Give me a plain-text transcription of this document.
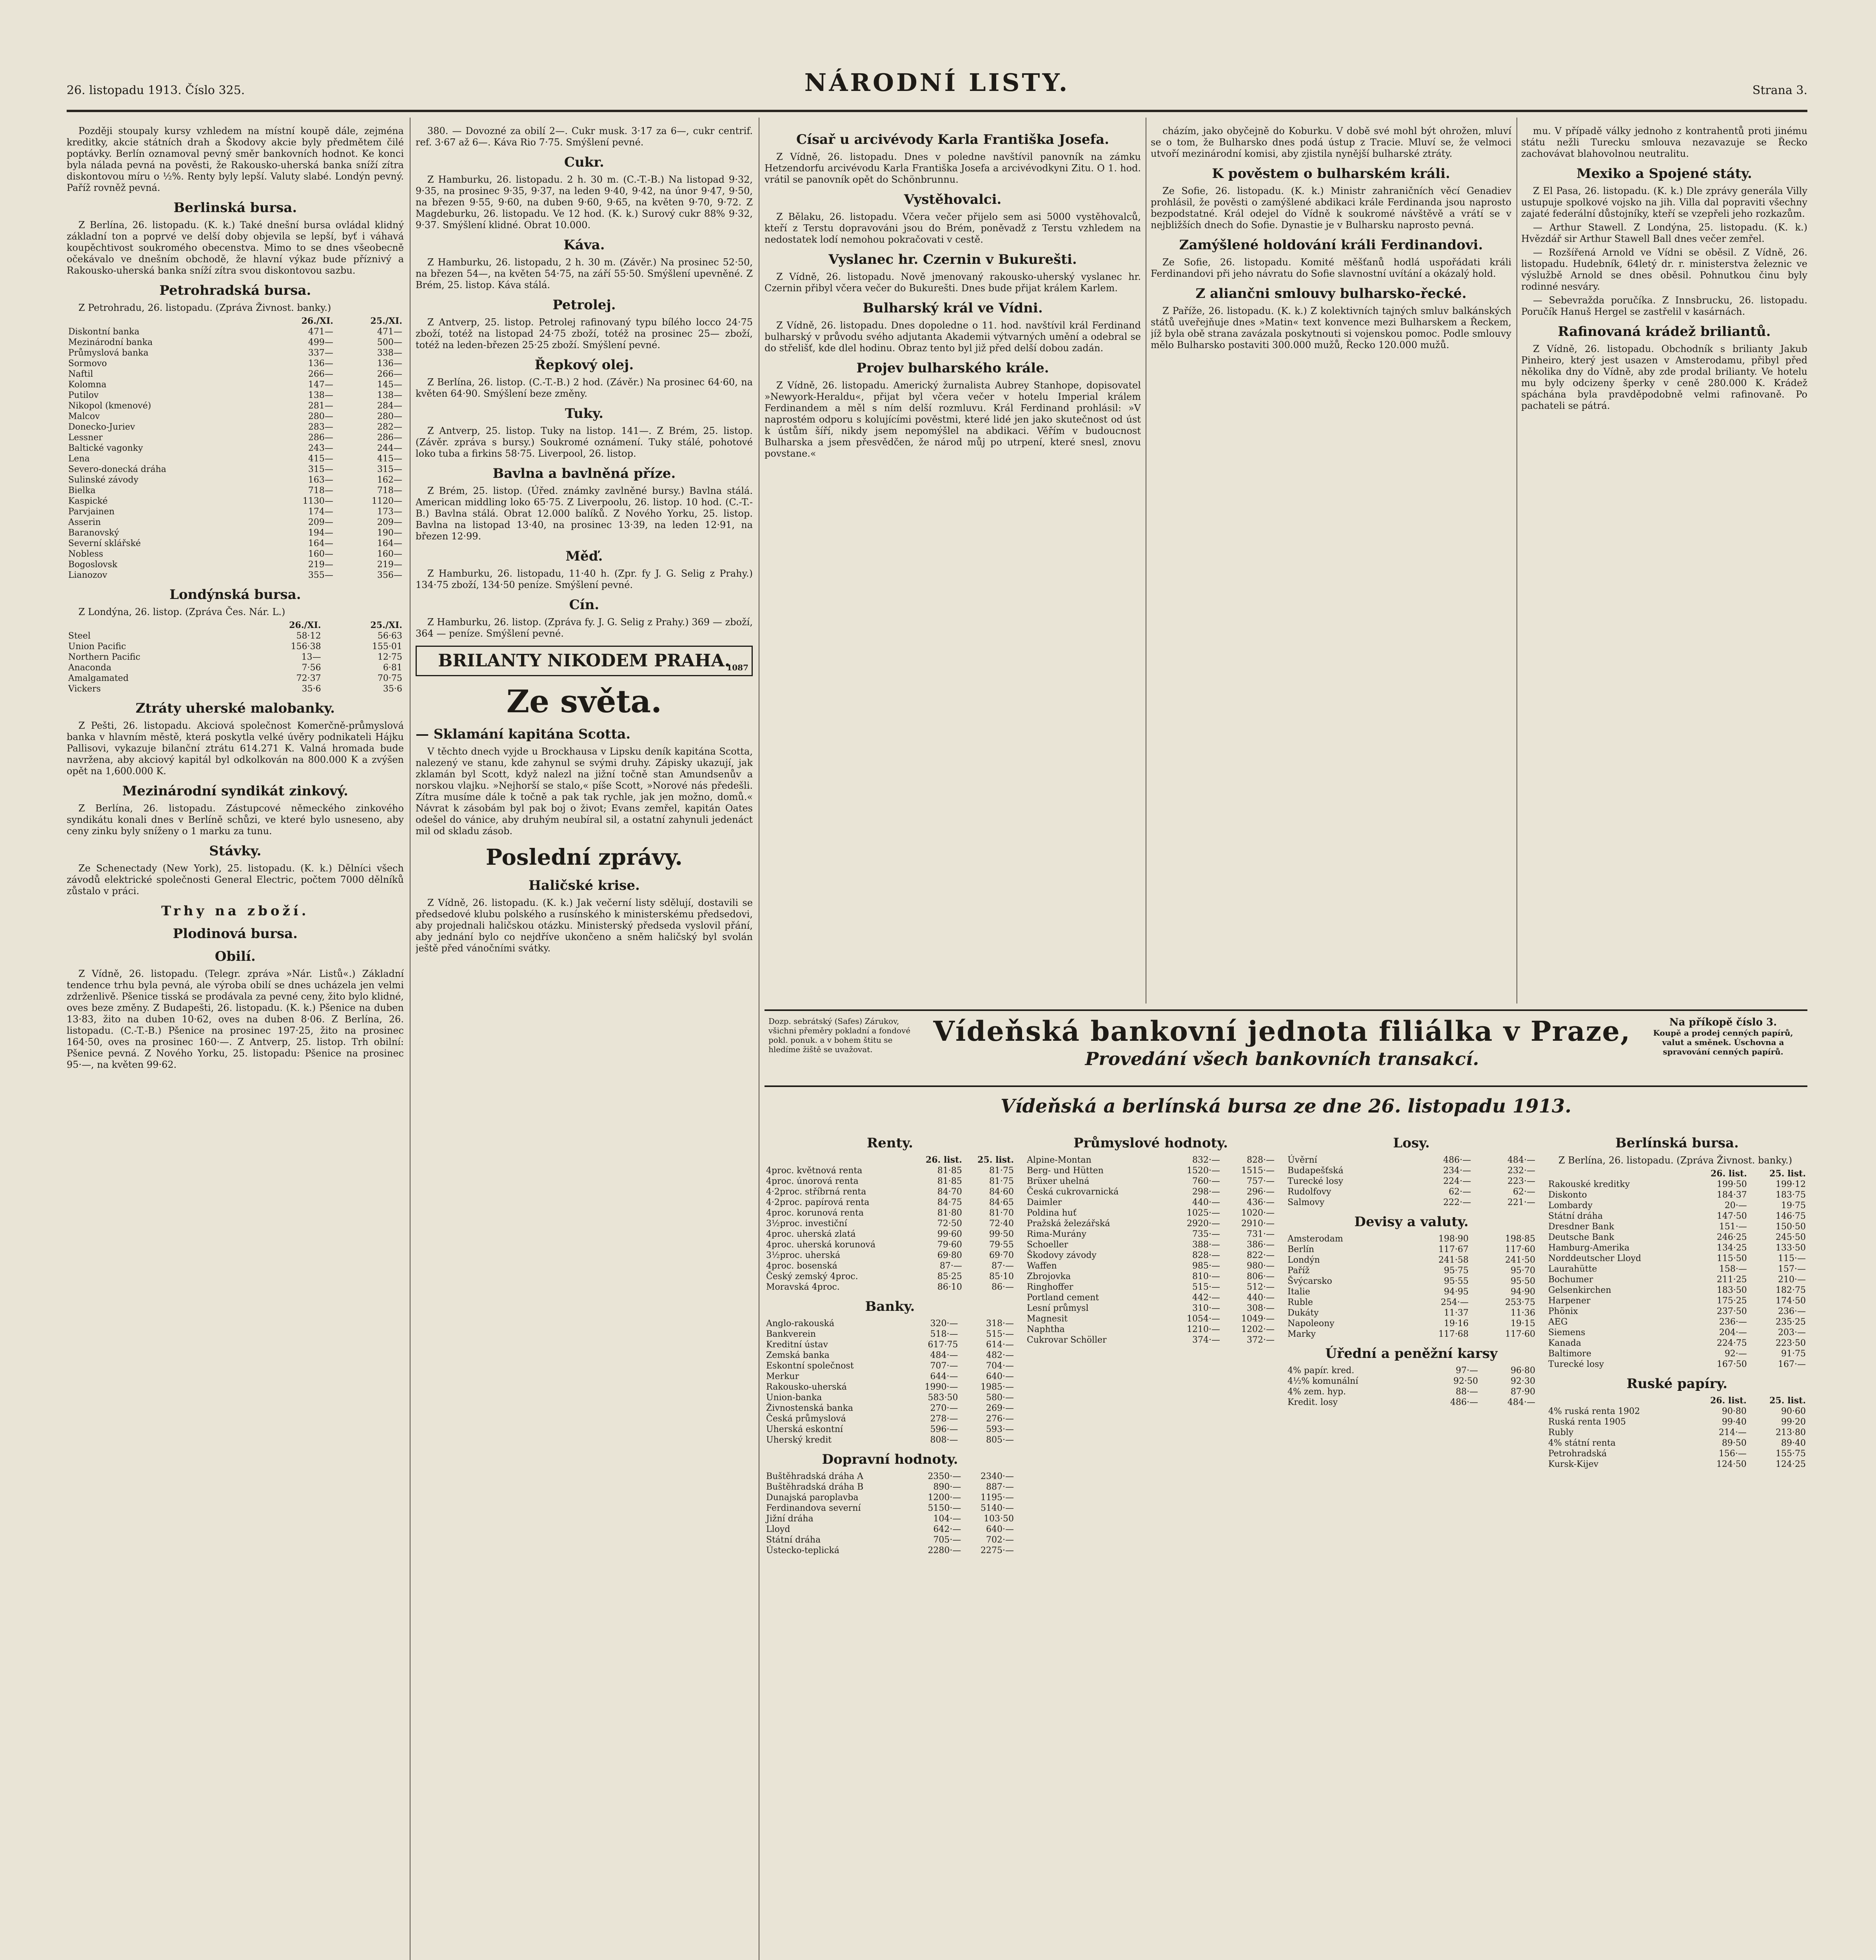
26. listopadu 1913. Číslo 325.	NÁRODNÍ LISTY.	Strana 3.
Později stoupaly kursy vzhledem na místní koupě dále, zejména kreditky, akcie státních drah a Škodovy akcie byly předmětem čilé poptávky. Berlín oznamoval pevný směr bankovních hodnot. Ke konci byla nálada pevná na pověsti, že Rakousko-uherská banka sníží zítra diskontovou míru o ½%. Renty byly lepší. Valuty slabé. Londýn pevný. Paříž rovněž pevná.
Berlinská bursa.
Z Berlína, 26. listopadu. (K. k.) Také dnešní bursa ovládal klidný základní ton a poprvé ve delší doby objevila se lepší, byť i váhavá koupěchtivost soukromého obecenstva. Mimo to se dnes všeobecně očekávalo ve dnešním obchodě, že hlavní výkaz bude příznivý a Rakousko-uherská banka sníží zítra svou diskontovou sazbu.
Petrohradská bursa.
Z Petrohradu, 26. listopadu. (Zpráva Živnost. banky.)
	26./XI.	25./XI.
Diskontní banka	471—	471—
Mezinárodní banka	499—	500—
Průmyslová banka	337—	338—
Sormovo	136—	136—
Naftil	266—	266—
Kolomna	147—	145—
Putilov	138—	138—
Nikopol (kmenové)	281—	284—
Malcov	280—	280—
Donecko-Juriev	283—	282—
Lessner	286—	286—
Baltické vagonky	243—	244—
Lena	415—	415—
Severo-donecká dráha	315—	315—
Sulinské závody	163—	162—
Bielka	718—	718—
Kaspické	1130—	1120—
Parvjainen	174—	173—
Asserin	209—	209—
Baranovský	194—	190—
Severní sklářské	164—	164—
Nobless	160—	160—
Bogoslovsk	219—	219—
Lianozov	355—	356—
Londýnská bursa.
Z Londýna, 26. listop. (Zpráva Čes. Nár. L.)
	26./XI.	25./XI.
Steel	58·12	56·63
Union Pacific	156·38	155·01
Northern Pacific	13—	12·75
Anaconda	7·56	6·81
Amalgamated	72·37	70·75
Vickers	35·6	35·6
Ztráty uherské malobanky.
Z Pešti, 26. listopadu. Akciová společnost Komerčně-průmyslová banka v hlavním městě, která poskytla velké úvěry podnikateli Hájku Pallisovi, vykazuje bilanční ztrátu 614.271 K. Valná hromada bude navržena, aby akciový kapitál byl odkolkován na 800.000 K a zvýšen opět na 1,600.000 K.
Mezinárodní syndikát zinkový.
Z Berlína, 26. listopadu. Zástupcové německého zinkového syndikátu konali dnes v Berlíně schůzi, ve které bylo usneseno, aby ceny zinku byly sníženy o 1 marku za tunu.
Stávky.
Ze Schenectady (New York), 25. listopadu. (K. k.) Dělníci všech závodů elektrické společnosti General Electric, počtem 7000 dělníků zůstalo v práci.
Trhy na zboží.
Plodinová bursa.
Obilí.
Z Vídně, 26. listopadu. (Telegr. zpráva »Nár. Listů«.) Základní tendence trhu byla pevná, ale výroba obilí se dnes ucházela jen velmi zdrženlivě. Pšenice tisská se prodávala za pevné ceny, žito bylo klidné, oves beze změny. Z Budapešti, 26. listopadu. (K. k.) Pšenice na duben 13·83, žito na duben 10·62, oves na duben 8·06. Z Berlína, 26. listopadu. (C.-T.-B.) Pšenice na prosinec 197·25, žito na prosinec 164·50, oves na prosinec 160·—. Z Antverp, 25. listop. Trh obilní: Pšenice pevná. Z Nového Yorku, 25. listopadu: Pšenice na prosinec 95·—, na květen 99·62.
380. — Dovozné za obilí 2—. Cukr musk. 3·17 za 6—, cukr centrif. ref. 3·67 až 6—. Káva Rio 7·75. Smýšlení pevné.
Cukr.
Z Hamburku, 26. listopadu. 2 h. 30 m. (C.-T.-B.) Na listopad 9·32, 9·35, na prosinec 9·35, 9·37, na leden 9·40, 9·42, na únor 9·47, 9·50, na březen 9·55, 9·60, na duben 9·60, 9·65, na květen 9·70, 9·72. Z Magdeburku, 26. listopadu. Ve 12 hod. (K. k.) Surový cukr 88% 9·32, 9·37. Smýšlení klidné. Obrat 10.000.
Káva.
Z Hamburku, 26. listopadu, 2 h. 30 m. (Závěr.) Na prosinec 52·50, na březen 54—, na květen 54·75, na září 55·50. Smýšlení upevněné. Z Brém, 25. listop. Káva stálá.
Petrolej.
Z Antverp, 25. listop. Petrolej rafinovaný typu bílého locco 24·75 zboží, totéž na listopad 24·75 zboží, totéž na prosinec 25— zboží, totéž na leden-březen 25·25 zboží. Smýšlení pevné.
Řepkový olej.
Z Berlína, 26. listop. (C.-T.-B.) 2 hod. (Závěr.) Na prosinec 64·60, na květen 64·90. Smýšlení beze změny.
Tuky.
Z Antverp, 25. listop. Tuky na listop. 141—. Z Brém, 25. listop. (Závěr. zpráva s bursy.) Soukromé oznámení. Tuky stálé, pohotové loko tuba a firkins 58·75. Liverpool, 26. listop.
Bavlna a bavlněná příze.
Z Brém, 25. listop. (Úřed. známky zavlněné bursy.) Bavlna stálá. American middling loko 65·75. Z Liverpoolu, 26. listop. 10 hod. (C.-T.-B.) Bavlna stálá. Obrat 12.000 balíků. Z Nového Yorku, 25. listop. Bavlna na listopad 13·40, na prosinec 13·39, na leden 12·91, na březen 12·99.
Měď.
Z Hamburku, 26. listopadu, 11·40 h. (Zpr. fy J. G. Selig z Prahy.) 134·75 zboží, 134·50 peníze. Smýšlení pevné.
Cín.
Z Hamburku, 26. listop. (Zpráva fy. J. G. Selig z Prahy.) 369 — zboží, 364 — peníze. Smýšlení pevné.
BRILANTY NIKODEM PRAHA.
1087
Ze světa.
— Sklamání kapitána Scotta.
V těchto dnech vyjde u Brockhausa v Lipsku deník kapitána Scotta, nalezený ve stanu, kde zahynul se svými druhy. Zápisky ukazují, jak zklamán byl Scott, když nalezl na jižní točně stan Amundsenův a norskou vlajku. »Nejhorší se stalo,« píše Scott, »Norové nás předešli. Zítra musíme dále k točně a pak tak rychle, jak jen možno, domů.« Návrat k zásobám byl pak boj o život; Evans zemřel, kapitán Oates odešel do vánice, aby druhým neubíral sil, a ostatní zahynuli jedenáct mil od skladu zásob.
Poslední zprávy.
Haličské krise.
Z Vídně, 26. listopadu. (K. k.) Jak večerní listy sdělují, dostavili se předsedové klubu polského a rusínského k ministerskému předsedovi, aby projednali haličskou otázku. Ministerský předseda vyslovil přání, aby jednání bylo co nejdříve ukončeno a sněm haličský byl svolán ještě před vánočními svátky.
Císař u arcivévody Karla Františka Josefa.
Z Vídně, 26. listopadu. Dnes v poledne navštívil panovník na zámku Hetzendorfu arcivévodu Karla Františka Josefa a arcivévodkyni Zitu. O 1. hod. vrátil se panovník opět do Schönbrunnu.
Vystěhovalci.
Z Bělaku, 26. listopadu. Včera večer přijelo sem asi 5000 vystěhovalců, kteří z Terstu dopravováni jsou do Brém, poněvadž z Terstu vzhledem na nedostatek lodí nemohou pokračovati v cestě.
Vyslanec hr. Czernin v Bukurešti.
Z Vídně, 26. listopadu. Nově jmenovaný rakousko-uherský vyslanec hr. Czernin přibyl včera večer do Bukurešti. Dnes bude přijat králem Karlem.
Bulharský král ve Vídni.
Z Vídně, 26. listopadu. Dnes dopoledne o 11. hod. navštívil král Ferdinand bulharský v průvodu svého adjutanta Akademii výtvarných umění a odebral se do střelišť, kde dlel hodinu. Obraz tento byl již před delší dobou zadán.
Projev bulharského krále.
Z Vídně, 26. listopadu. Americký žurnalista Aubrey Stanhope, dopisovatel »Newyork-Heraldu«, přijat byl včera večer v hotelu Imperial králem Ferdinandem a měl s ním delší rozmluvu. Král Ferdinand prohlásil: »V naprostém odporu s kolujícími pověstmi, které lidé jen jako skutečnost od úst k ústům šíří, nikdy jsem nepomýšlel na abdikaci. Věřím v budoucnost Bulharska a jsem přesvědčen, že národ můj po utrpení, které snesl, znovu povstane.«
cházím, jako obyčejně do Koburku. V době své mohl být ohrožen, mluví se o tom, že Bulharsko dnes podá ústup z Tracie. Mluví se, že velmoci utvoří mezinárodní komisi, aby zjistila nynější bulharské ztráty.
K pověstem o bulharském králi.
Ze Sofie, 26. listopadu. (K. k.) Ministr zahraničních věcí Genadiev prohlásil, že pověsti o zamýšlené abdikaci krále Ferdinanda jsou naprosto bezpodstatné. Král odejel do Vídně k soukromé návštěvě a vrátí se v nejbližších dnech do Sofie. Dynastie je v Bulharsku naprosto pevná.
Zamýšlené holdování králi Ferdinandovi.
Ze Sofie, 26. listopadu. Komité měšťanů hodlá uspořádati králi Ferdinandovi při jeho návratu do Sofie slavnostní uvítání a okázalý hold.
Z aliančni smlouvy bulharsko-řecké.
Z Paříže, 26. listopadu. (K. k.) Z kolektivních tajných smluv balkánských států uveřejňuje dnes »Matin« text konvence mezi Bulharskem a Řeckem, jíž byla obě strana zavázala poskytnouti si vojenskou pomoc. Podle smlouvy mělo Bulharsko postaviti 300.000 mužů, Řecko 120.000 mužů.
mu. V případě války jednoho z kontrahentů proti jinému státu nežli Turecku smlouva nezavazuje se Řecko zachovávat blahovolnou neutralitu.
Mexiko a Spojené státy.
Z El Pasa, 26. listopadu. (K. k.) Dle zprávy generála Villy ustupuje spolkové vojsko na jih. Villa dal popraviti všechny zajaté federální důstojníky, kteří se vzepřeli jeho rozkazům.
— Arthur Stawell. Z Londýna, 25. listopadu. (K. k.) Hvězdář sir Arthur Stawell Ball dnes večer zemřel.
— Rozšířená Arnold ve Vídni se oběsil. Z Vídně, 26. listopadu. Hudebník, 64letý dr. r. ministerstva železnic ve výslužbě Arnold se dnes oběsil. Pohnutkou činu byly rodinné nesváry.
— Sebevražda poručíka. Z Innsbrucku, 26. listopadu. Poručík Hanuš Hergel se zastřelil v kasárnách.
Rafinovaná krádež briliantů.
Z Vídně, 26. listopadu. Obchodník s brilianty Jakub Pinheiro, který jest usazen v Amsterodamu, přibyl před několika dny do Vídně, aby zde prodal brilianty. Ve hotelu mu byly odcizeny šperky v ceně 280.000 K. Krádež spáchána byla pravděpodobně velmi rafinovaně. Po pachateli se pátrá.
Dozp. sebrátský (Safes) Zárukov, všichni přeměry pokladní a fondové pokl. ponuk. a v bohem štitu se hledíme žiště se uvažovat.
Vídeňská bankovní jednota filiálka v Praze,
Provedání všech bankovních transakcí.
Na příkopě číslo 3.
Koupě a prodej cenných papírů, valut a směnek. Úschovna a spravování cenných papírů.
Vídeňská a berlínská bursa ze dne 26. listopadu 1913.
Renty.
	26. list.	25. list.
4proc. květnová renta	81·85	81·75
4proc. únorová renta	81·85	81·75
4·2proc. stříbrná renta	84·70	84·60
4·2proc. papírová renta	84·75	84·65
4proc. korunová renta	81·80	81·70
3½proc. investiční	72·50	72·40
4proc. uherská zlatá	99·60	99·50
4proc. uherská korunová	79·60	79·55
3½proc. uherská	69·80	69·70
4proc. bosenská	87·—	87·—
Český zemský 4proc.	85·25	85·10
Moravská 4proc.	86·10	86·—
Banky.
Anglo-rakouská	320·—	318·—
Bankverein	518·—	515·—
Kreditní ústav	617·75	614·—
Zemská banka	484·—	482·—
Eskontní společnost	707·—	704·—
Merkur	644·—	640·—
Rakousko-uherská	1990·—	1985·—
Union-banka	583·50	580·—
Živnostenská banka	270·—	269·—
Česká průmyslová	278·—	276·—
Uherská eskontní	596·—	593·—
Uherský kredit	808·—	805·—
Dopravní hodnoty.
Buštěhradská dráha A	2350·—	2340·—
Buštěhradská dráha B	890·—	887·—
Dunajská paroplavba	1200·—	1195·—
Ferdinandova severní	5150·—	5140·—
Jižní dráha	104·—	103·50
Lloyd	642·—	640·—
Státní dráha	705·—	702·—
Ústecko-teplická	2280·—	2275·—
Průmyslové hodnoty.
Alpine-Montan	832·—	828·—
Berg- und Hütten	1520·—	1515·—
Brüxer uhelná	760·—	757·—
Česká cukrovarnická	298·—	296·—
Daimler	440·—	436·—
Poldina huť	1025·—	1020·—
Pražská železářská	2920·—	2910·—
Rima-Murány	735·—	731·—
Schoeller	388·—	386·—
Škodovy závody	828·—	822·—
Waffen	985·—	980·—
Zbrojovka	810·—	806·—
Ringhoffer	515·—	512·—
Portland cement	442·—	440·—
Lesní průmysl	310·—	308·—
Magnesit	1054·—	1049·—
Naphtha	1210·—	1202·—
Cukrovar Schöller	374·—	372·—
Losy.
Úvěrní	486·—	484·—
Budapešťská	234·—	232·—
Turecké losy	224·—	223·—
Rudolfovy	62·—	62·—
Salmovy	222·—	221·—
Devisy a valuty.
Amsterodam	198·90	198·85
Berlín	117·67	117·60
Londýn	241·58	241·50
Paříž	95·75	95·70
Švýcarsko	95·55	95·50
Italie	94·95	94·90
Ruble	254·—	253·75
Dukáty	11·37	11·36
Napoleony	19·16	19·15
Marky	117·68	117·60
Úřední a peněžní karsy
4% papír. kred.	97·—	96·80
4½% komunální	92·50	92·30
4% zem. hyp.	88·—	87·90
Kredit. losy	486·—	484·—
Berlínská bursa.
Z Berlína, 26. listopadu. (Zpráva Živnost. banky.)
	26. list.	25. list.
Rakouské kreditky	199·50	199·12
Diskonto	184·37	183·75
Lombardy	20·—	19·75
Státní dráha	147·50	146·75
Dresdner Bank	151·—	150·50
Deutsche Bank	246·25	245·50
Hamburg-Amerika	134·25	133·50
Norddeutscher Lloyd	115·50	115·—
Laurahütte	158·—	157·—
Bochumer	211·25	210·—
Gelsenkirchen	183·50	182·75
Harpener	175·25	174·50
Phönix	237·50	236·—
AEG	236·—	235·25
Siemens	204·—	203·—
Kanada	224·75	223·50
Baltimore	92·—	91·75
Turecké losy	167·50	167·—
Ruské papíry.
	26. list.	25. list.
4% ruská renta 1902	90·80	90·60
Ruská renta 1905	99·40	99·20
Rubly	214·—	213·80
4% státní renta	89·50	89·40
Petrohradská	156·—	155·75
Kursk-Kijev	124·50	124·25
